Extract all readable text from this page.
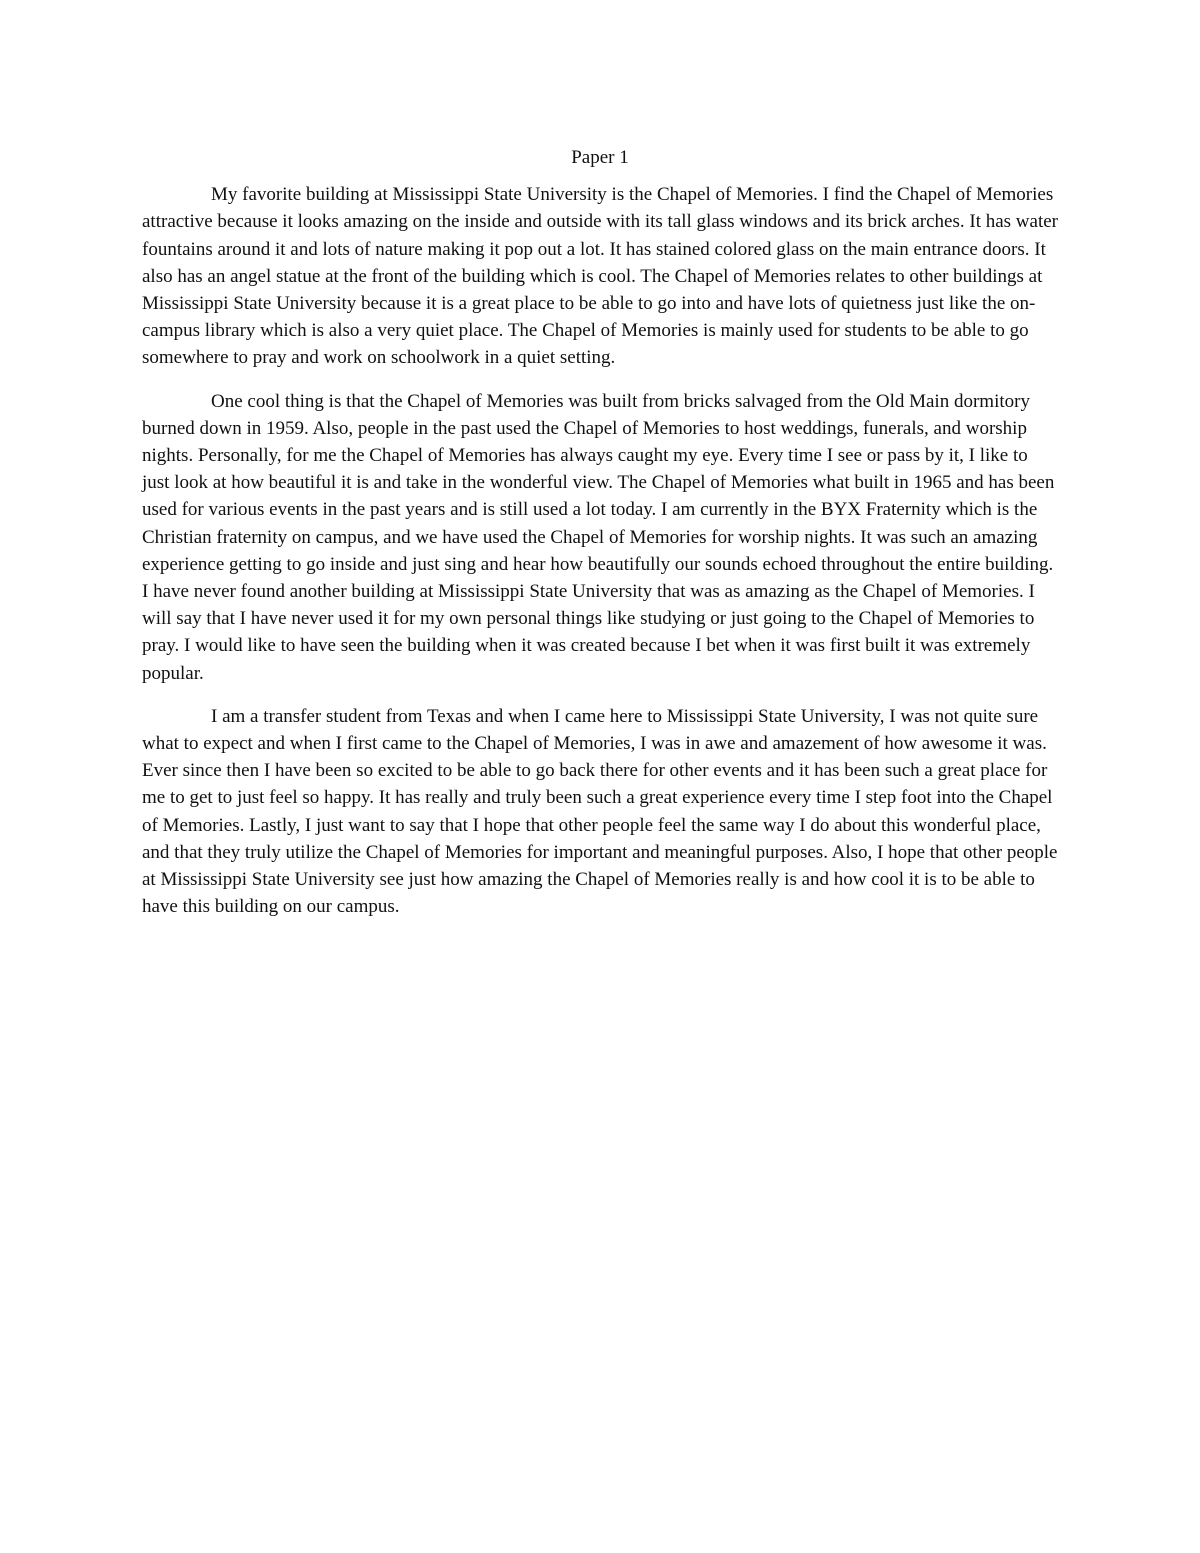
Paper 1

My favorite building at Mississippi State University is the Chapel of Memories. I find the Chapel of Memories attractive because it looks amazing on the inside and outside with its tall glass windows and its brick arches. It has water fountains around it and lots of nature making it pop out a lot. It has stained colored glass on the main entrance doors. It also has an angel statue at the front of the building which is cool. The Chapel of Memories relates to other buildings at Mississippi State University because it is a great place to be able to go into and have lots of quietness just like the on-campus library which is also a very quiet place. The Chapel of Memories is mainly used for students to be able to go somewhere to pray and work on schoolwork in a quiet setting.

One cool thing is that the Chapel of Memories was built from bricks salvaged from the Old Main dormitory burned down in 1959. Also, people in the past used the Chapel of Memories to host weddings, funerals, and worship nights. Personally, for me the Chapel of Memories has always caught my eye. Every time I see or pass by it, I like to just look at how beautiful it is and take in the wonderful view. The Chapel of Memories what built in 1965 and has been used for various events in the past years and is still used a lot today. I am currently in the BYX Fraternity which is the Christian fraternity on campus, and we have used the Chapel of Memories for worship nights. It was such an amazing experience getting to go inside and just sing and hear how beautifully our sounds echoed throughout the entire building. I have never found another building at Mississippi State University that was as amazing as the Chapel of Memories. I will say that I have never used it for my own personal things like studying or just going to the Chapel of Memories to pray. I would like to have seen the building when it was created because I bet when it was first built it was extremely popular.

I am a transfer student from Texas and when I came here to Mississippi State University, I was not quite sure what to expect and when I first came to the Chapel of Memories, I was in awe and amazement of how awesome it was. Ever since then I have been so excited to be able to go back there for other events and it has been such a great place for me to get to just feel so happy. It has really and truly been such a great experience every time I step foot into the Chapel of Memories. Lastly, I just want to say that I hope that other people feel the same way I do about this wonderful place, and that they truly utilize the Chapel of Memories for important and meaningful purposes. Also, I hope that other people at Mississippi State University see just how amazing the Chapel of Memories really is and how cool it is to be able to have this building on our campus.
